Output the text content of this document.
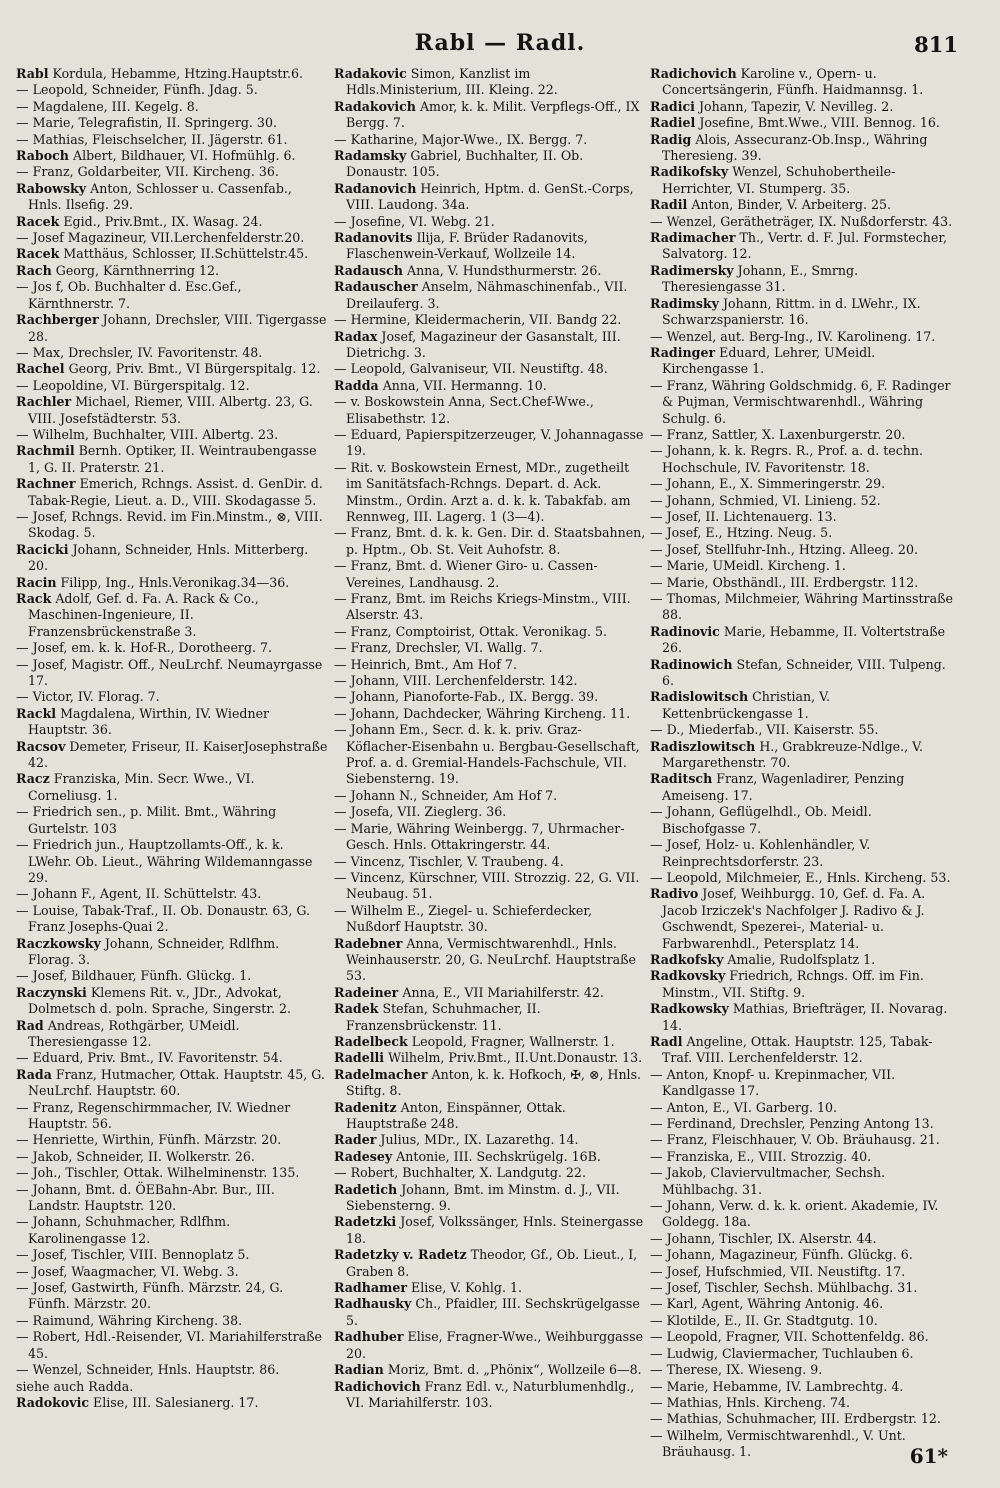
Rabl — Radl.	811
Rabl Kordula, Hebamme, Htzing.Hauptstr.6.
— Leopold, Schneider, Fünfh. Jdag. 5.
— Magdalene, III. Kegelg. 8.
— Marie, Telegrafistin, II. Springerg. 30.
— Mathias, Fleischselcher, II. Jägerstr. 61.
Raboch Albert, Bildhauer, VI. Hofmühlg. 6.
— Franz, Goldarbeiter, VII. Kircheng. 36.
Rabowsky Anton, Schlosser u. Cassenfab., Hnls. Ilsefig. 29.
Racek Egid., Priv.Bmt., IX. Wasag. 24.
— Josef Magazineur, VII.Lerchenfelderstr.20.
Racek Matthäus, Schlosser, II.Schüttelstr.45.
Rach Georg, Kärnthnerring 12.
— Jos f, Ob. Buchhalter d. Esc.Gef., Kärnthnerstr. 7.
Rachberger Johann, Drechsler, VIII. Tigergasse 28.
— Max, Drechsler, IV. Favoritenstr. 48.
Rachel Georg, Priv. Bmt., VI Bürgerspitalg. 12.
— Leopoldine, VI. Bürgerspitalg. 12.
Rachler Michael, Riemer, VIII. Albertg. 23, G. VIII. Josefstädterstr. 53.
— Wilhelm, Buchhalter, VIII. Albertg. 23.
Rachmil Bernh. Optiker, II. Weintraubengasse 1, G. II. Praterstr. 21.
Rachner Emerich, Rchngs. Assist. d. GenDir. d. Tabak-Regie, Lieut. a. D., VIII. Skodagasse 5.
— Josef, Rchngs. Revid. im Fin.Minstm., ⊗, VIII. Skodag. 5.
Racicki Johann, Schneider, Hnls. Mitterberg. 20.
Racin Filipp, Ing., Hnls.Veronikag.34—36.
Rack Adolf, Gef. d. Fa. A. Rack & Co., Maschinen-Ingenieure, II. Franzensbrückenstraße 3.
— Josef, em. k. k. Hof-R., Dorotheerg. 7.
— Josef, Magistr. Off., NeuLrchf. Neumayrgasse 17.
— Victor, IV. Florag. 7.
Rackl Magdalena, Wirthin, IV. Wiedner Hauptstr. 36.
Racsov Demeter, Friseur, II. KaiserJosephstraße 42.
Racz Franziska, Min. Secr. Wwe., VI. Corneliusg. 1.
— Friedrich sen., p. Milit. Bmt., Währing Gurtelstr. 103
— Friedrich jun., Hauptzollamts-Off., k. k. LWehr. Ob. Lieut., Währing Wildemanngasse 29.
— Johann F., Agent, II. Schüttelstr. 43.
— Louise, Tabak-Traf., II. Ob. Donaustr. 63, G. Franz Josephs-Quai 2.
Raczkowsky Johann, Schneider, Rdlfhm. Florag. 3.
— Josef, Bildhauer, Fünfh. Glückg. 1.
Raczynski Klemens Rit. v., JDr., Advokat, Dolmetsch d. poln. Sprache, Singerstr. 2.
Rad Andreas, Rothgärber, UMeidl. Theresiengasse 12.
— Eduard, Priv. Bmt., IV. Favoritenstr. 54.
Rada Franz, Hutmacher, Ottak. Hauptstr. 45, G. NeuLrchf. Hauptstr. 60.
— Franz, Regenschirmmacher, IV. Wiedner Hauptstr. 56.
— Henriette, Wirthin, Fünfh. Märzstr. 20.
— Jakob, Schneider, II. Wolkerstr. 26.
— Joh., Tischler, Ottak. Wilhelminenstr. 135.
— Johann, Bmt. d. ÖEBahn-Abr. Bur., III. Landstr. Hauptstr. 120.
— Johann, Schuhmacher, Rdlfhm. Karolinengasse 12.
— Josef, Tischler, VIII. Bennoplatz 5.
— Josef, Waagmacher, VI. Webg. 3.
— Josef, Gastwirth, Fünfh. Märzstr. 24, G. Fünfh. Märzstr. 20.
— Raimund, Währing Kircheng. 38.
— Robert, Hdl.-Reisender, VI. Mariahilferstraße 45.
— Wenzel, Schneider, Hnls. Hauptstr. 86.
siehe auch Radda.
Radokovic Elise, III. Salesianerg. 17.
Radakovic Simon, Kanzlist im Hdls.Ministerium, III. Kleing. 22.
Radakovich Amor, k. k. Milit. Verpflegs-Off., IX Bergg. 7.
— Katharine, Major-Wwe., IX. Bergg. 7.
Radamsky Gabriel, Buchhalter, II. Ob. Donaustr. 105.
Radanovich Heinrich, Hptm. d. GenSt.-Corps, VIII. Laudong. 34a.
— Josefine, VI. Webg. 21.
Radanovits Ilija, F. Brüder Radanovits, Flaschenwein-Verkauf, Wollzeile 14.
Radausch Anna, V. Hundsthurmerstr. 26.
Radauscher Anselm, Nähmaschinenfab., VII. Dreilauferg. 3.
— Hermine, Kleidermacherin, VII. Bandg 22.
Radax Josef, Magazineur der Gasanstalt, III. Dietrichg. 3.
— Leopold, Galvaniseur, VII. Neustiftg. 48.
Radda Anna, VII. Hermanng. 10.
— v. Boskowstein Anna, Sect.Chef-Wwe., Elisabethstr. 12.
— Eduard, Papierspitzerzeuger, V. Johannagasse 19.
— Rit. v. Boskowstein Ernest, MDr., zugetheilt im Sanitätsfach-Rchngs. Depart. d. Ack. Minstm., Ordin. Arzt a. d. k. k. Tabakfab. am Rennweg, III. Lagerg. 1 (3—4).
— Franz, Bmt. d. k. k. Gen. Dir. d. Staatsbahnen, p. Hptm., Ob. St. Veit Auhofstr. 8.
— Franz, Bmt. d. Wiener Giro- u. Cassen-Vereines, Landhausg. 2.
— Franz, Bmt. im Reichs Kriegs-Minstm., VIII. Alserstr. 43.
— Franz, Comptoirist, Ottak. Veronikag. 5.
— Franz, Drechsler, VI. Wallg. 7.
— Heinrich, Bmt., Am Hof 7.
— Johann, VIII. Lerchenfelderstr. 142.
— Johann, Pianoforte-Fab., IX. Bergg. 39.
— Johann, Dachdecker, Währing Kircheng. 11.
— Johann Em., Secr. d. k. k. priv. Graz-Köflacher-Eisenbahn u. Bergbau-Gesellschaft, Prof. a. d. Gremial-Handels-Fachschule, VII. Siebensterng. 19.
— Johann N., Schneider, Am Hof 7.
— Josefa, VII. Zieglerg. 36.
— Marie, Währing Weinbergg. 7, Uhrmacher-Gesch. Hnls. Ottakringerstr. 44.
— Vincenz, Tischler, V. Traubeng. 4.
— Vincenz, Kürschner, VIII. Strozzig. 22, G. VII. Neubaug. 51.
— Wilhelm E., Ziegel- u. Schieferdecker, Nußdorf Hauptstr. 30.
Radebner Anna, Vermischtwarenhdl., Hnls. Weinhauserstr. 20, G. NeuLrchf. Hauptstraße 53.
Radeiner Anna, E., VII Mariahilferstr. 42.
Radek Stefan, Schuhmacher, II. Franzensbrückenstr. 11.
Radelbeck Leopold, Fragner, Wallnerstr. 1.
Radelli Wilhelm, Priv.Bmt., II.Unt.Donaustr. 13.
Radelmacher Anton, k. k. Hofkoch, ✠, ⊗, Hnls. Stiftg. 8.
Radenitz Anton, Einspänner, Ottak. Hauptstraße 248.
Rader Julius, MDr., IX. Lazarethg. 14.
Radesey Antonie, III. Sechskrügelg. 16B.
— Robert, Buchhalter, X. Landgutg. 22.
Radetich Johann, Bmt. im Minstm. d. J., VII. Siebensterng. 9.
Radetzki Josef, Volkssänger, Hnls. Steinergasse 18.
Radetzky v. Radetz Theodor, Gf., Ob. Lieut., I, Graben 8.
Radhamer Elise, V. Kohlg. 1.
Radhausky Ch., Pfaidler, III. Sechskrügelgasse 5.
Radhuber Elise, Fragner-Wwe., Weihburggasse 20.
Radian Moriz, Bmt. d. „Phönix“, Wollzeile 6—8.
Radichovich Franz Edl. v., Naturblumenhdlg., VI. Mariahilferstr. 103.
Radichovich Karoline v., Opern- u. Concertsängerin, Fünfh. Haidmannsg. 1.
Radici Johann, Tapezir, V. Nevilleg. 2.
Radiel Josefine, Bmt.Wwe., VIII. Bennog. 16.
Radig Alois, Assecuranz-Ob.Insp., Währing Theresieng. 39.
Radikofsky Wenzel, Schuhobertheile-Herrichter, VI. Stumperg. 35.
Radil Anton, Binder, V. Arbeiterg. 25.
— Wenzel, Gerätheträger, IX. Nußdorferstr. 43.
Radimacher Th., Vertr. d. F. Jul. Formstecher, Salvatorg. 12.
Radimersky Johann, E., Smrng. Theresiengasse 31.
Radimsky Johann, Rittm. in d. LWehr., IX. Schwarzspanierstr. 16.
— Wenzel, aut. Berg-Ing., IV. Karolineng. 17.
Radinger Eduard, Lehrer, UMeidl. Kirchengasse 1.
— Franz, Währing Goldschmidg. 6, F. Radinger & Pujman, Vermischtwarenhdl., Währing Schulg. 6.
— Franz, Sattler, X. Laxenburgerstr. 20.
— Johann, k. k. Regrs. R., Prof. a. d. techn. Hochschule, IV. Favoritenstr. 18.
— Johann, E., X. Simmeringerstr. 29.
— Johann, Schmied, VI. Linieng. 52.
— Josef, II. Lichtenauerg. 13.
— Josef, E., Htzing. Neug. 5.
— Josef, Stellfuhr-Inh., Htzing. Alleeg. 20.
— Marie, UMeidl. Kircheng. 1.
— Marie, Obsthändl., III. Erdbergstr. 112.
— Thomas, Milchmeier, Währing Martinsstraße 88.
Radinovic Marie, Hebamme, II. Voltertstraße 26.
Radinowich Stefan, Schneider, VIII. Tulpeng. 6.
Radislowitsch Christian, V. Kettenbrückengasse 1.
— D., Miederfab., VII. Kaiserstr. 55.
Radiszlowitsch H., Grabkreuze-Ndlge., V. Margarethenstr. 70.
Raditsch Franz, Wagenladirer, Penzing Ameiseng. 17.
— Johann, Geflügelhdl., Ob. Meidl. Bischofgasse 7.
— Josef, Holz- u. Kohlenhändler, V. Reinprechtsdorferstr. 23.
— Leopold, Milchmeier, E., Hnls. Kircheng. 53.
Radivo Josef, Weihburgg. 10, Gef. d. Fa. A. Jacob Irziczek's Nachfolger J. Radivo & J. Gschwendt, Spezerei-, Material- u. Farbwarenhdl., Petersplatz 14.
Radkofsky Amalie, Rudolfsplatz 1.
Radkovsky Friedrich, Rchngs. Off. im Fin. Minstm., VII. Stiftg. 9.
Radkowsky Mathias, Briefträger, II. Novarag. 14.
Radl Angeline, Ottak. Hauptstr. 125, Tabak-Traf. VIII. Lerchenfelderstr. 12.
— Anton, Knopf- u. Krepinmacher, VII. Kandlgasse 17.
— Anton, E., VI. Garberg. 10.
— Ferdinand, Drechsler, Penzing Antong 13.
— Franz, Fleischhauer, V. Ob. Bräuhausg. 21.
— Franziska, E., VIII. Strozzig. 40.
— Jakob, Claviervultmacher, Sechsh. Mühlbachg. 31.
— Johann, Verw. d. k. k. orient. Akademie, IV. Goldegg. 18a.
— Johann, Tischler, IX. Alserstr. 44.
— Johann, Magazineur, Fünfh. Glückg. 6.
— Josef, Hufschmied, VII. Neustiftg. 17.
— Josef, Tischler, Sechsh. Mühlbachg. 31.
— Karl, Agent, Währing Antonig. 46.
— Klotilde, E., II. Gr. Stadtgutg. 10.
— Leopold, Fragner, VII. Schottenfeldg. 86.
— Ludwig, Claviermacher, Tuchlauben 6.
— Therese, IX. Wieseng. 9.
— Marie, Hebamme, IV. Lambrechtg. 4.
— Mathias, Hnls. Kircheng. 74.
— Mathias, Schuhmacher, III. Erdbergstr. 12.
— Wilhelm, Vermischtwarenhdl., V. Unt. Bräuhausg. 1.	61*
